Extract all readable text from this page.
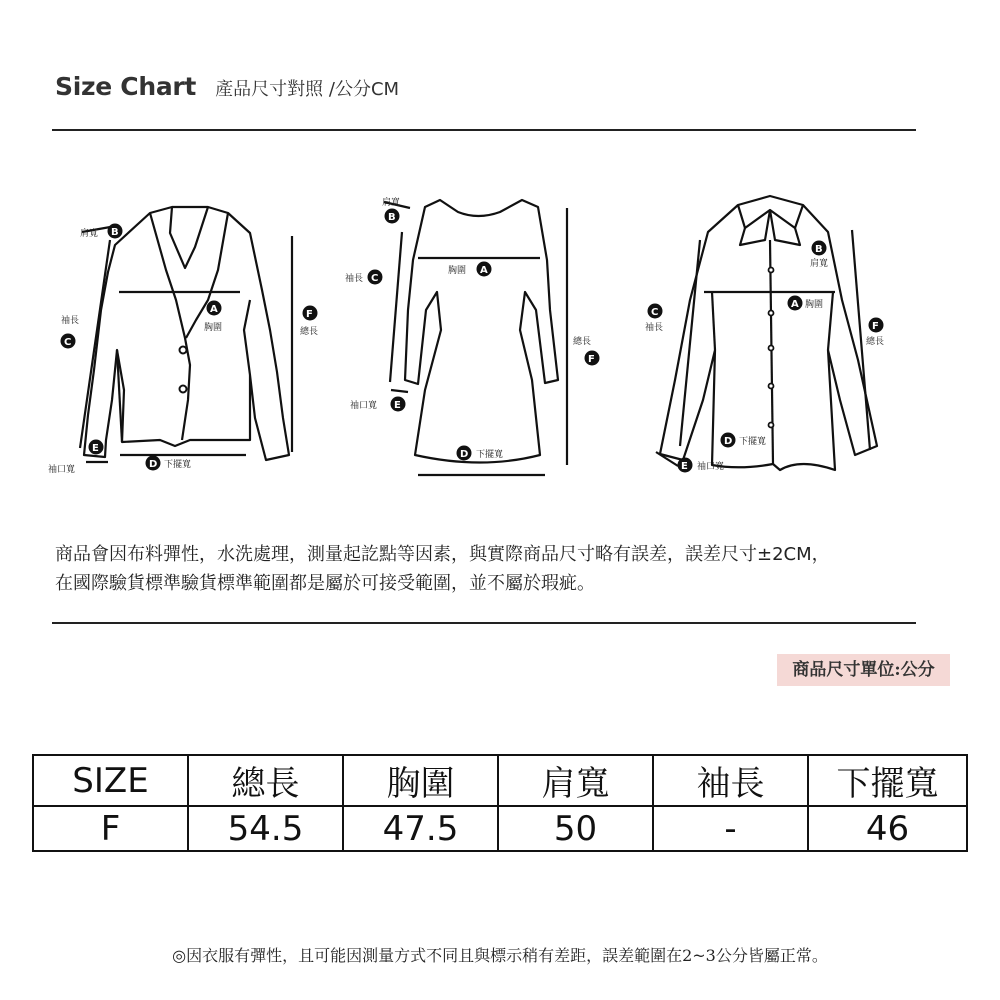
Size Chart 產品尺寸對照 /公分CM
肩寬 B
袖長
C
A
胸圍
F
總長
E
袖口寬	D 下擺寬
肩寬
B
胸圍 A
袖長 C
袖口寬 E
總長
F
D 下擺寬
B
肩寬
A 胸圍
C
袖長	F
總長
D 下擺寬
E 袖口寬
商品會因布料彈性，水洗處理，測量起訖點等因素，與實際商品尺寸略有誤差，誤差尺寸±2CM，
在國際驗貨標準驗貨標準範圍都是屬於可接受範圍，並不屬於瑕疵。
商品尺寸單位:公分
SIZE	總長	胸圍	肩寬	袖長	下擺寬
F	54.5	47.5	50	-	46
◎因衣服有彈性，且可能因測量方式不同且與標示稍有差距，誤差範圍在2~3公分皆屬正常。
